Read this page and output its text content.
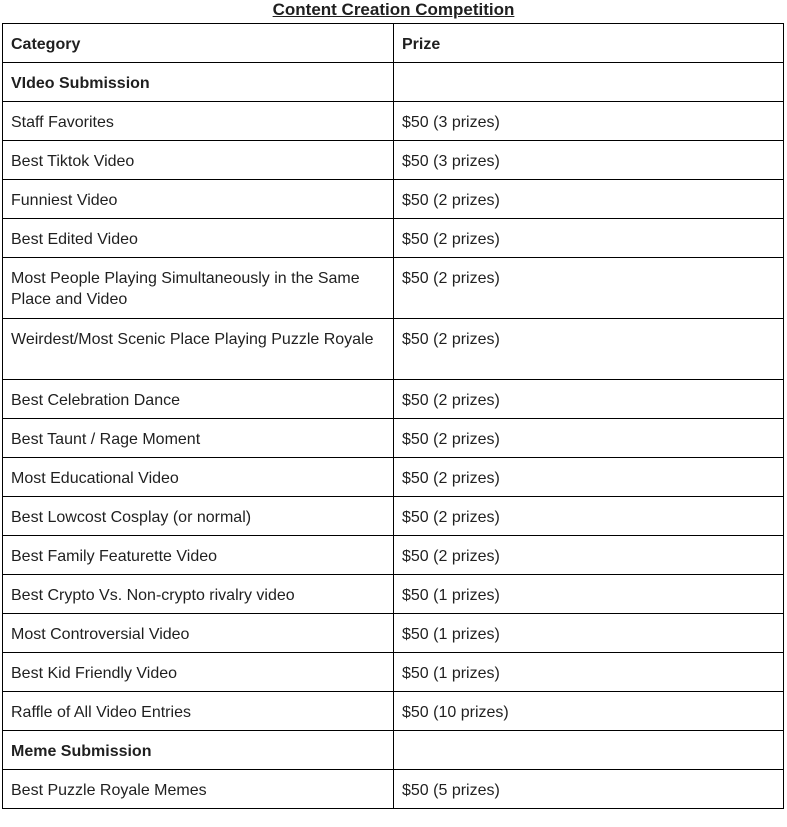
Content Creation Competition
Category	Prize
VIdeo Submission	
Staff Favorites	$50 (3 prizes)
Best Tiktok Video	$50 (3 prizes)
Funniest Video	$50 (2 prizes)
Best Edited Video	$50 (2 prizes)
Most People Playing Simultaneously in the Same Place and Video	$50 (2 prizes)
Weirdest/Most Scenic Place Playing Puzzle Royale	$50 (2 prizes)
Best Celebration Dance	$50 (2 prizes)
Best Taunt / Rage Moment	$50 (2 prizes)
Most Educational Video	$50 (2 prizes)
Best Lowcost Cosplay (or normal)	$50 (2 prizes)
Best Family Featurette Video	$50 (2 prizes)
Best Crypto Vs. Non-crypto rivalry video	$50 (1 prizes)
Most Controversial Video	$50 (1 prizes)
Best Kid Friendly Video	$50 (1 prizes)
Raffle of All Video Entries	$50 (10 prizes)
Meme Submission	
Best Puzzle Royale Memes	$50 (5 prizes)
